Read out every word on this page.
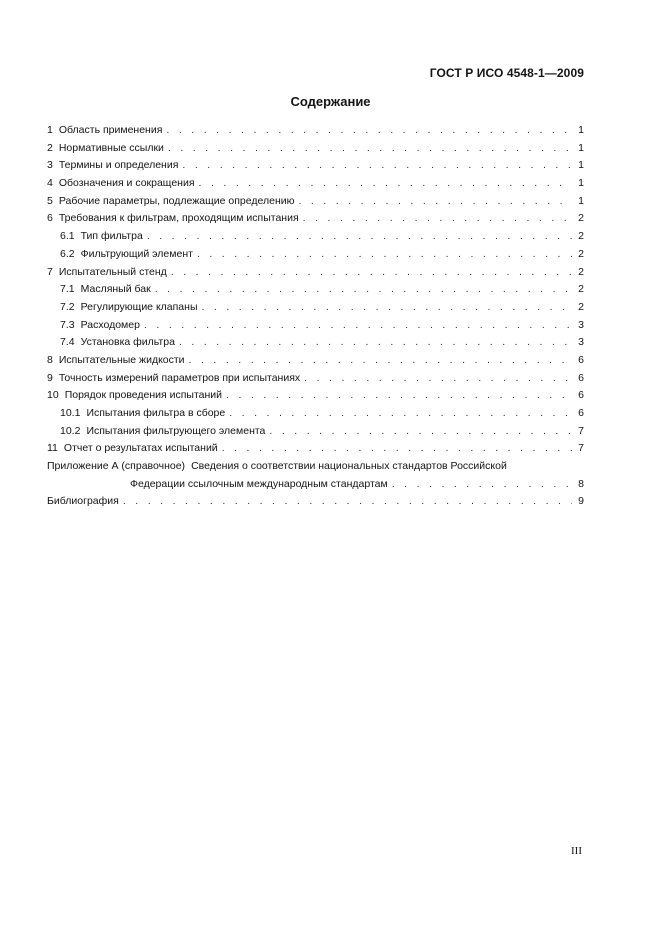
ГОСТ Р ИСО 4548-1—2009
Содержание
1 Область применения . . .	1
2 Нормативные ссылки . . .	1
3 Термины и определения . . .	1
4 Обозначения и сокращения . . .	1
5 Рабочие параметры, подлежащие определению . . .	1
6 Требования к фильтрам, проходящим испытания . . .	2
6.1 Тип фильтра . . .	2
6.2 Фильтрующий элемент . . .	2
7 Испытательный стенд . . .	2
7.1 Масляный бак . . .	2
7.2 Регулирующие клапаны . . .	2
7.3 Расходомер . . .	3
7.4 Установка фильтра . . .	3
8 Испытательные жидкости . . .	6
9 Точность измерений параметров при испытаниях . . .	6
10 Порядок проведения испытаний . . .	6
10.1 Испытания фильтра в сборе . . .	6
10.2 Испытания фильтрующего элемента . . .	7
11 Отчет о результатах испытаний . . .	7
Приложение А (справочное) Сведения о соответствии национальных стандартов Российской
Федерации ссылочным международным стандартам . . .	8
Библиография . . .	9
III
